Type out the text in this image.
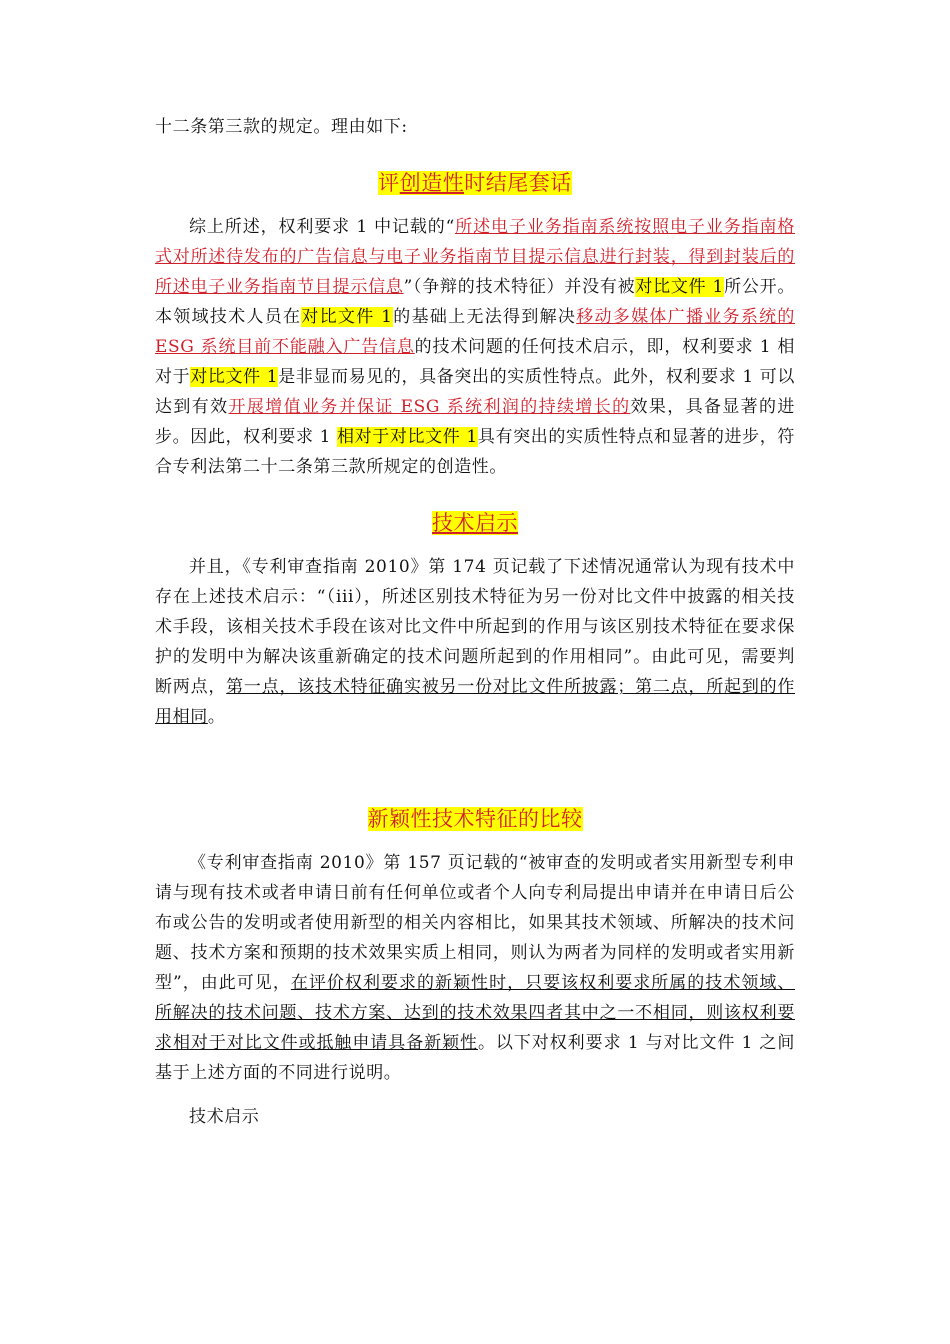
十二条第三款的规定。理由如下:

评创造性时结尾套话

综上所述，权利要求 1 中记载的“所述电子业务指南系统按照电子业务指南格式对所述待发布的广告信息与电子业务指南节目提示信息进行封装，得到封装后的所述电子业务指南节目提示信息”（争辩的技术特征）并没有被对比文件 1所公开。本领域技术人员在对比文件 1的基础上无法得到解决移动多媒体广播业务系统的 ESG 系统目前不能融入广告信息的技术问题的任何技术启示，即，权利要求 1 相对于对比文件 1是非显而易见的，具备突出的实质性特点。此外，权利要求 1 可以达到有效开展增值业务并保证 ESG 系统利润的持续增长的效果，具备显著的进步。因此，权利要求 1 相对于对比文件 1具有突出的实质性特点和显著的进步，符合专利法第二十二条第三款所规定的创造性。

技术启示

并且，《专利审查指南 2010》第 174 页记载了下述情况通常认为现有技术中存在上述技术启示：“（iii），所述区别技术特征为另一份对比文件中披露的相关技术手段，该相关技术手段在该对比文件中所起到的作用与该区别技术特征在要求保护的发明中为解决该重新确定的技术问题所起到的作用相同”。由此可见，需要判断两点，第一点，该技术特征确实被另一份对比文件所披露；第二点，所起到的作用相同。

新颖性技术特征的比较

《专利审查指南 2010》第 157 页记载的“被审查的发明或者实用新型专利申请与现有技术或者申请日前有任何单位或者个人向专利局提出申请并在申请日后公布或公告的发明或者使用新型的相关内容相比，如果其技术领域、所解决的技术问题、技术方案和预期的技术效果实质上相同，则认为两者为同样的发明或者实用新型”，由此可见，在评价权利要求的新颖性时，只要该权利要求所属的技术领域、所解决的技术问题、技术方案、达到的技术效果四者其中之一不相同，则该权利要求相对于对比文件或抵触申请具备新颖性。以下对权利要求 1 与对比文件 1 之间基于上述方面的不同进行说明。

技术启示
